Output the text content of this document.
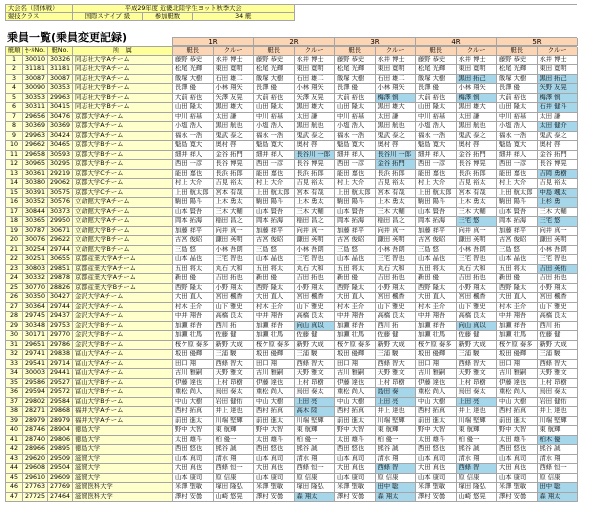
大会名（団体戦）	平成29年度 近畿北陸学生ヨット秋季大会
競技クラス	国際スナイプ 級	参加艇数	34 艇
乗員一覧(乗員変更記録)	1R	2R	3R	4R	5R
艇順 ｾｰﾙNo.	艇No.	所　属	艇長	クルー	艇長	クルー	艇長	クルー	艇長	クルー	艇長	クルー
1	30010 30326 同志社大学Aチーム	藤野 恭史	永井 博士	藤野 恭史	永井 博士	藤野 恭史	永井 博士	藤野 恭史	永井 博士	藤野 恭史	永井 博士
2	31181 31181 同志社大学Aチーム	松尾 光輝	東田 寛明	松尾 光輝	東田 寛明	松尾 光輝	東田 寛明	松尾 光輝	東田 寛明	松尾 光輝	東田 寛明
3	30087 30087 同志社大学Aチーム	飯塚 大樹	石田 雄二	飯塚 大樹	石田 雄二	飯塚 大樹	石田 雄二	飯塚 大樹	黒田 拓己	飯塚 大樹	黒田 拓己
4	30090 30353 同志社大学Bチーム	長澤 優	小林 翔矢	長澤 優	小林 翔矢	長澤 優	小林 翔矢	長澤 優	小林 翔矢	長澤 優	矢野 友晃
5	30353 29963 同志社大学Bチーム	大前 裕也	矢澤 友晃	大前 裕也	矢澤 友晃	大前 裕也	梅澤 慎	大前 裕也	梅澤 慎	大前 裕也	梅澤 慎
6	30311 30415 同志社大学Bチーム	山田 隆太	黒田 雄大	山田 隆太	黒田 雄大	山田 隆太	黒田 雄大	山田 隆太	黒田 雄大	山田 隆太	石井 健斗
7	29656 30476 京都大学Aチーム	中川 裕基	太田 謙	中川 裕基	太田 謙	中川 裕基	太田 謙	中川 裕基	太田 謙	中川 裕基	太田 謙
8	30369 30369 京都大学Aチーム	小塩 浩人	黒田 航也	小塩 浩人	黒田 航也	小塩 浩人	黒田 航也	小塩 浩人	黒田 航也	小塩 浩人	太田 健介
9	29963 30424 京都大学Aチーム	福永 一浩	鬼武 泰之	福永 一浩	鬼武 泰之	福永 一浩	鬼武 泰之	福永 一浩	鬼武 泰之	福永 一浩	鬼武 泰之
10	29662 30465 京都大学Bチーム	魁島 寛大	奥村 啓	魁島 寛大	奥村 啓	魁島 寛大	奥村 啓	魁島 寛大	奥村 啓	魁島 寛大	奥村 啓
11	29658 30593 京都大学Bチーム	細井 祥人	金谷 拓門	細井 祥人	長谷川 一郎	細井 祥人	長谷川 一郎	細井 祥人	金谷 拓門	細井 祥人	金谷 拓門
12	30965 30295 京都大学Bチーム	西田 一彦	長谷 博晃	西田 一彦	長谷 博晃	西田 一彦	金谷 拓門	西田 一彦	長谷 博晃	西田 一彦	長谷 博晃
13	30361 29219 京都大学Cチーム	能田 嘉也	長浜 拓郎	能田 嘉也	長浜 拓郎	能田 嘉也	長浜 拓郎	能田 嘉也	長浜 拓郎	能田 嘉也	吉岡 勇樹
14	30380 29062 京都大学Cチーム	村上 大介	吉見 裕太	村上 大介	吉見 裕太	村上 大介	吉見 裕太	村上 大介	吉見 裕太	村上 大介	吉見 裕太
15	30391 30575 京都大学Cチーム	上田 航太郎	宮本 有哉	上田 航太郎	宮本 有哉	上田 航太郎	宮本 有哉	上田 航太郎	宮本 有哉	上田 航太郎	中島 颯太
16	30352 30576 立命館大学Aチーム	駒田 陽斗	上木 勇太	駒田 陽斗	上木 勇太	駒田 陽斗	上木 勇太	駒田 陽斗	上木 勇太	駒田 陽斗	上杉 勇
17	30844 30373 立命館大学Aチーム	山本 賢吾	三木 大輔	山本 賢吾	三木 大輔	山本 賢吾	三木 大輔	山本 賢吾	三木 大輔	山本 賢吾	三木 大輔
18	30365 29950 立命館大学Aチーム	岡本 拓海	稲田 昌之	岡本 拓海	稲田 昌之	岡本 拓海	稲田 昌之	岡本 拓海	三宅 悠	岡本 拓海	三宅 悠
19	30787 30671 立命館大学Bチーム	加藤 祥平	向井 真一	加藤 祥平	向井 真一	加藤 祥平	向井 真一	加藤 祥平	向井 真一	加藤 祥平	向井 真一
20	30076 29622 立命館大学Bチーム	古宮 俊昭	鎌田 英明	古宮 俊昭	鎌田 英明	古宮 俊昭	鎌田 英明	古宮 俊昭	鎌田 英明	古宮 俊昭	鎌田 英明
21	30254 29744 立命館大学Bチーム	三島 悠	小林 吾朗	三島 悠	小林 吾朗	三島 悠	小林 吾朗	三島 悠	小林 吾朗	三島 悠	小林 吾朗
22	30251 30655 京都産業大学Aチーム	山本 晶也	三宅 智也	山本 晶也	三宅 智也	山本 晶也	三宅 智也	山本 晶也	三宅 智也	山本 晶也	三宅 智也
23	30803 29851 京都産業大学Aチーム	五田 将太	丸石 大和	五田 将太	丸石 大和	五田 将太	丸石 大和	五田 将太	丸石 大和	五田 将太	吉田 英佑
24	30332 29878 京都産業大学Aチーム	新田 優	吉田 拓也	新田 優	吉田 拓也	新田 優	吉田 拓也	新田 優	吉田 拓也	新田 優	吉田 拓也
25	30770 28826 京都産業大学Bチーム	西野 隆太	小野 翔太	西野 隆太	小野 翔太	西野 隆太	小野 翔太	西野 隆太	小野 翔太	西野 隆太	小野 翔太
26	30350 30427 金沢大学Aチーム	大田 直人	宮田 楓香	大田 直人	宮田 楓香	大田 直人	宮田 楓香	大田 直人	宮田 楓香	大田 直人	宮田 楓香
27	30364 29744 金沢大学Aチーム	村木 圭介	山下 雅史	村木 圭介	山下 雅史	村木 圭介	山下 雅史	村木 圭介	山下 雅史	村木 圭介	山下 雅史
28	29745 29437 金沢大学Aチーム	中井 翔吾	高橋 良太	中井 翔吾	高橋 良太	中井 翔吾	高橋 良太	中井 翔吾	高橋 良太	中井 翔吾	高橋 良太
29	30348 29753 金沢大学Bチーム	加瀬 祥吾	西川 拓	加瀬 祥吾	向山 真以	加瀬 祥吾	西川 拓	加瀬 祥吾	向山 真以	加瀬 祥吾	西川 拓
30	30171 29770 金沢大学Bチーム	加瀬 壮馬	佐藤 健	加瀬 壮馬	佐藤 健	加瀬 壮馬	佐藤 健	加瀬 壮馬	佐藤 健	加瀬 壮馬	佐藤 健
31	29651 29786 金沢大学Bチーム	桜ケ原 奏多	新野 大成	桜ケ原 奏多	新野 大成	桜ケ原 奏多	新野 大成	桜ケ原 奏多	新野 大成	桜ケ原 奏多	新野 大成
32	29741 29838 富山大学Aチーム	坂田 優輝	三浦 駿	坂田 優輝	三浦 駿	坂田 優輝	三浦 駿	坂田 優輝	三浦 駿	坂田 優輝	三浦 駿
33	29541 29714 富山大学Aチーム	田口 翔	西條 智大	田口 翔	西條 智大	田口 翔	西條 智大	田口 翔	西條 智大	田口 翔	西條 智大
34	30003 29441 富山大学Aチーム	古川 雅嗣	天野 雅文	古川 雅嗣	天野 雅文	古川 雅嗣	天野 雅文	古川 雅嗣	天野 雅文	古川 雅嗣	天野 雅文
35	29586 29527 富山大学Bチーム	伊藤 達也	上村 昂樹	伊藤 達也	上村 昂樹	伊藤 達也	上村 昂樹	伊藤 達也	上村 昂樹	伊藤 達也	上村 昂樹
36	29594 29572 富山大学Bチーム	重松 尚人	鳥田 奏太	重松 尚人	鳥田 奏太	重松 尚人	島田 奏	重松 尚人	鳥田 奏太	重松 尚人	鳥田 奏太
37	29802 29584 富山大学Bチーム	中山 大樹	岩田 健佑	中山 大樹	上田 亮	中山 大樹	上田 亮	中山 大樹	上田 亮	中山 大樹	岩田 健佑
38	28271 29868 福井大学Aチーム	西村 拓真	井上 達也	西村 拓真	高木 陸	西村 拓真	井上 達也	西村 拓真	井上 達也	西村 拓真	井上 達也
39	28979 28979 福井大学Aチーム	前田 進太	川端 堅輝	前田 進太	川端 堅輝	前田 進太	川端 堅輝	前田 進太	川端 堅輝	前田 進太	川端 堅輝
40	28746 28904 徳島大学	野中 大智	東 航輝	野中 大智	東 航輝	野中 大智	東 航輝	野中 大智	東 航輝	野中 大智	東 航輝
41	28740 29806 徳島大学	太田 雄斗	柏 優一	太田 雄斗	柏 優一	太田 雄斗	柏 優一	太田 雄斗	柏 優一	太田 雄斗	柏木 優
42	28966 29895 徳島大学	西田 悠也	熊谷 誠	西田 悠也	熊谷 誠	西田 悠也	熊谷 誠	西田 悠也	熊谷 誠	西田 悠也	熊谷 誠
43	29620 29509 滋賀大学	山本 真司	清水 翔	山本 真司	清水 翔	山本 真司	清水 翔	山本 真司	清水 翔	山本 真司	清水 翔
44	29608 29504 滋賀大学	大田 真也	西條 恒一	大田 真也	西條 恒一	大田 真也	西條 智	大田 真也	西條 智	大田 真也	西條 恒一
45	29610 29609 滋賀大学	山本 康司	原 信康	山本 康司	原 信康	山本 康司	原 信康	山本 康司	原 信康	山本 康司	原 信康
46	27763 27769 滋賀医科大学	米澤 聖敏	塚田 隆弘	米澤 聖敏	塚田 隆弘	米澤 聖敏	田中 聡	米澤 聖敏	塚田 隆弘	米澤 聖敏	田中 聡
47	27725 27464 滋賀医科大学	澤村 安曇	山崎 悠晃	澤村 安曇	森 翔太	澤村 安曇	森 翔太	澤村 安曇	山崎 悠晃	澤村 安曇	森 翔太
